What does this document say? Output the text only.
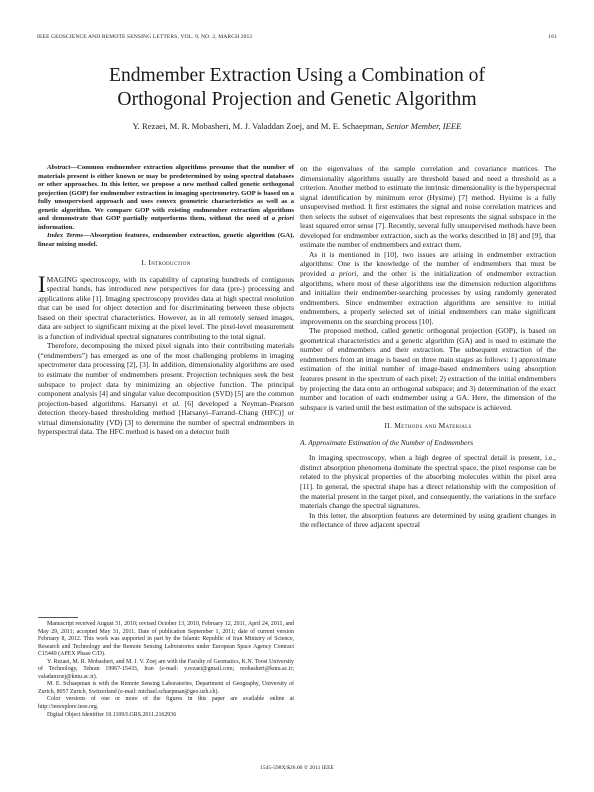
IEEE GEOSCIENCE AND REMOTE SENSING LETTERS, VOL. 9, NO. 2, MARCH 2012	161
Endmember Extraction Using a Combination of
Orthogonal Projection and Genetic Algorithm
Y. Rezaei, M. R. Mobasheri, M. J. Valaddan Zoej, and M. E. Schaepman, Senior Member, IEEE

Abstract—Common endmember extraction algorithms presume that the number of materials present is either known or may be predetermined by using spectral databases or other approaches. In this letter, we propose a new method called genetic orthogonal projection (GOP) for endmember extraction in imaging spectrometry. GOP is based on a fully unsupervised approach and uses convex geometric characteristics as well as a genetic algorithm. We compare GOP with existing endmember extraction algorithms and demonstrate that GOP partially outperforms them, without the need of a priori information.

Index Terms—Absorption features, endmember extraction, genetic algorithm (GA), linear mixing model.

I. Introduction

IMAGING spectroscopy, with its capability of capturing hundreds of contiguous spectral bands, has introduced new perspectives for data (pre-) processing and applications alike [1]. Imaging spectroscopy provides data at high spectral resolution that can be used for object detection and for discriminating between these objects based on their spectral characteristics. However, as in all remotely sensed images, data are subject to significant mixing at the pixel level. The pixel-level measurement is a function of individual spectral signatures contributing to the total signal.

Therefore, decomposing the mixed pixel signals into their contributing materials (“endmembers”) has emerged as one of the most challenging problems in imaging spectrometer data processing [2], [3]. In addition, dimensionality algorithms are used to estimate the number of endmembers present. Projection techniques seek the best subspace to project data by minimizing an objective function. The principal component analysis [4] and singular value decomposition (SVD) [5] are the common projection-based algorithms. Harsanyi et al. [6] developed a Neyman–Pearson detection theory-based thresholding method [Harsanyi–Farrand–Chang (HFC)] or virtual dimensionality (VD) [3] to determine the number of spectral endmembers in hyperspectral data. The HFC method is based on a detector built

Manuscript received August 31, 2010; revised October 13, 2010, February 12, 2011, April 24, 2011, and May 29, 2011; accepted May 31, 2011. Date of publication September 1, 2011; date of current version February 8, 2012. This work was supported in part by the Islamic Republic of Iran Ministry of Science, Research and Technology and the Remote Sensing Laboratories under European Space Agency Contract C15449 (APEX Phase C/D).

Y. Rezaei, M. R. Mobasheri, and M. J. V. Zoej are with the Faculty of Geomatics, K.N. Toosi University of Technology, Tehran 19967-15433, Iran (e-mail: y.rezaei@gmail.com; mobasheri@kntu.ac.ir; valadanzoej@kntu.ac.ir).

M. E. Schaepman is with the Remote Sensing Laboratories, Department of Geography, University of Zurich, 8057 Zurich, Switzerland (e-mail: michael.schaepman@geo.uzh.ch).

Color versions of one or more of the figures in this paper are available online at http://ieeexplore.ieee.org.

Digital Object Identifier 10.1109/LGRS.2011.2162936

on the eigenvalues of the sample correlation and covariance matrices. The dimensionality algorithms usually are threshold based and need a threshold as a criterion. Another method to estimate the intrinsic dimensionality is the hyperspectral signal identification by minimum error (Hysime) [7] method. Hysime is a fully unsupervised method. It first estimates the signal and noise correlation matrices and then selects the subset of eigenvalues that best represents the signal subspace in the least squared error sense [7]. Recently, several fully unsupervised methods have been developed for endmember extraction, such as the works described in [8] and [9], that estimate the number of endmembers and extract them.

As it is mentioned in [10], two issues are arising in endmember extraction algorithms: One is the knowledge of the number of endmembers that must be provided a priori, and the other is the initialization of endmember extraction algorithms, where most of these algorithms use the dimension reduction algorithms and initialize their endmember-searching processes by using randomly generated endmembers. Since endmember extraction algorithms are sensitive to initial endmembers, a properly selected set of initial endmembers can make significant improvements on the searching process [10].

The proposed method, called genetic orthogonal projection (GOP), is based on geometrical characteristics and a genetic algorithm (GA) and is used to estimate the number of endmembers and their extraction. The subsequent extraction of the endmembers from an image is based on three main stages as follows: 1) approximate estimation of the initial number of image-based endmembers using absorption features present in the spectrum of each pixel; 2) extraction of the initial endmembers by projecting the data onto an orthogonal subspace; and 3) determination of the exact number and location of each endmember using a GA. Here, the dimension of the subspace is varied until the best estimation of the subspace is achieved.

II. Methods and Materials
A. Approximate Estimation of the Number of Endmembers

In imaging spectroscopy, when a high degree of spectral detail is present, i.e., distinct absorption phenomena dominate the spectral space, the pixel response can be related to the physical properties of the absorbing molecules within the pixel area [11]. In general, the spectral shape has a direct relationship with the composition of the material present in the target pixel, and consequently, the variations in the surface materials change the spectral signatures.

In this letter, the absorption features are determined by using gradient changes in the reflectance of three adjacent spectral

1545-598X/$26.00 © 2011 IEEE
